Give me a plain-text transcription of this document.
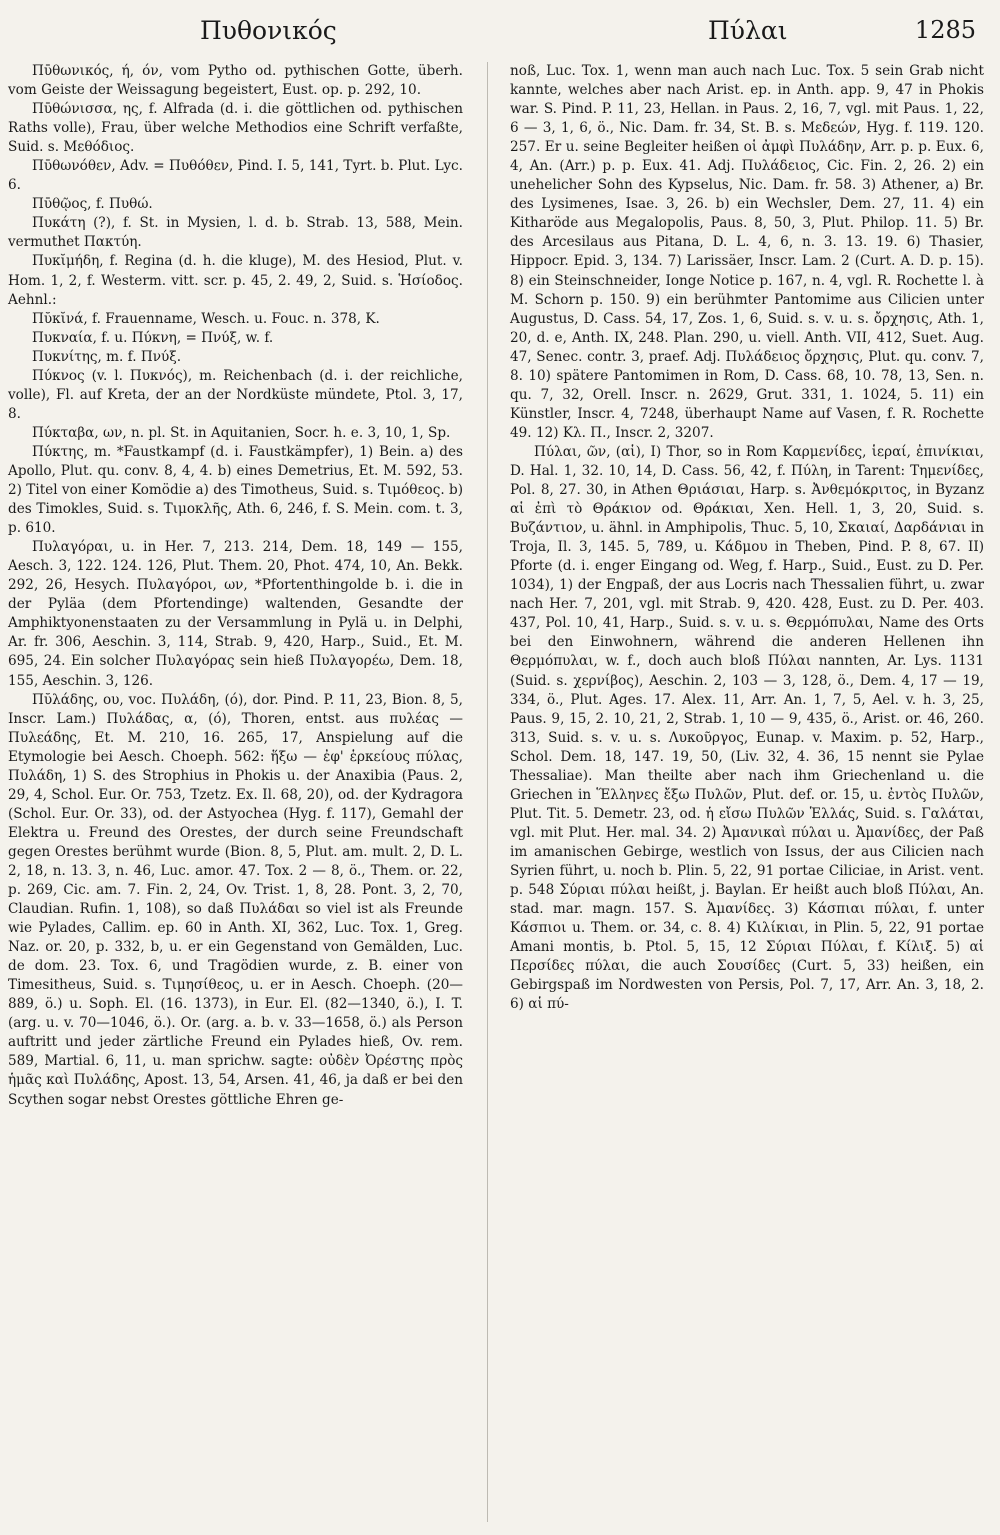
Πυθονικός	Πύλαι	1285

Πῡθωνικός, ή, όν, vom Pytho od. pythischen Gotte, überh. vom Geiste der Weissagung begeistert, Eust. op. p. 292, 10.

Πῡθώνισσα, ης, f. Alfrada (d. i. die göttlichen od. pythischen Raths volle), Frau, über welche Methodios eine Schrift verfaßte, Suid. s. Μεθόδιος.

Πῡθωνόθεν, Adv. = Πυθόθεν, Pind. I. 5, 141, Tyrt. b. Plut. Lyc. 6.

Πῡθῷος, f. Πυθώ.

Πυκάτη (?), f. St. in Mysien, l. d. b. Strab. 13, 588, Mein. vermuthet Πακτύη.

Πυκῐμήδη, f. Regina (d. h. die kluge), M. des Hesiod, Plut. v. Hom. 1, 2, f. Westerm. vitt. scr. p. 45, 2. 49, 2, Suid. s. Ἡσίοδος. Aehnl.:

Πῠκῐνά, f. Frauenname, Wesch. u. Fouc. n. 378, K.

Πυκναία, f. u. Πύκνη, = Πνύξ, w. f.

Πυκνίτης, m. f. Πνύξ.

Πύκνος (v. l. Πυκνός), m. Reichenbach (d. i. der reichliche, volle), Fl. auf Kreta, der an der Nordküste mündete, Ptol. 3, 17, 8.

Πύκταβα, ων, n. pl. St. in Aquitanien, Socr. h. e. 3, 10, 1, Sp.

Πύκτης, m. *Faustkampf (d. i. Faustkämpfer), 1) Bein. a) des Apollo, Plut. qu. conv. 8, 4, 4. b) eines Demetrius, Et. M. 592, 53. 2) Titel von einer Komödie a) des Timotheus, Suid. s. Τιμόθεος. b) des Timokles, Suid. s. Τιμοκλῆς, Ath. 6, 246, f. S. Mein. com. t. 3, p. 610.

Πυλαγόραι, u. in Her. 7, 213. 214, Dem. 18, 149 — 155, Aesch. 3, 122. 124. 126, Plut. Them. 20, Phot. 474, 10, An. Bekk. 292, 26, Hesych. Πυλαγόροι, ων, *Pfortenthingolde b. i. die in der Pyläa (dem Pfortendinge) waltenden, Gesandte der Amphiktyonenstaaten zu der Versammlung in Pylä u. in Delphi, Ar. fr. 306, Aeschin. 3, 114, Strab. 9, 420, Harp., Suid., Et. M. 695, 24. Ein solcher Πυλαγόρας sein hieß Πυλαγορέω, Dem. 18, 155, Aeschin. 3, 126.

Πῠλάδης, ου, voc. Πυλάδη, (ό), dor. Pind. P. 11, 23, Bion. 8, 5, Inscr. Lam.) Πυλάδας, α, (ό), Thoren, entst. aus πυλέας — Πυλεάδης, Et. M. 210, 16. 265, 17, Anspielung auf die Etymologie bei Aesch. Choeph. 562: ἥξω — ἐφ' ἑρκείους πύλας, Πυλάδη, 1) S. des Strophius in Phokis u. der Anaxibia (Paus. 2, 29, 4, Schol. Eur. Or. 753, Tzetz. Ex. Il. 68, 20), od. der Kydragora (Schol. Eur. Or. 33), od. der Astyochea (Hyg. f. 117), Gemahl der Elektra u. Freund des Orestes, der durch seine Freundschaft gegen Orestes berühmt wurde (Bion. 8, 5, Plut. am. mult. 2, D. L. 2, 18, n. 13. 3, n. 46, Luc. amor. 47. Tox. 2 — 8, ö., Them. or. 22, p. 269, Cic. am. 7. Fin. 2, 24, Ov. Trist. 1, 8, 28. Pont. 3, 2, 70, Claudian. Rufin. 1, 108), so daß Πυλάδαι so viel ist als Freunde wie Pylades, Callim. ep. 60 in Anth. XI, 362, Luc. Tox. 1, Greg. Naz. or. 20, p. 332, b, u. er ein Gegenstand von Gemälden, Luc. de dom. 23. Tox. 6, und Tragödien wurde, z. B. einer von Timesitheus, Suid. s. Τιμησίθεος, u. er in Aesch. Choeph. (20—889, ö.) u. Soph. El. (16. 1373), in Eur. El. (82—1340, ö.), I. T. (arg. u. v. 70—1046, ö.). Or. (arg. a. b. v. 33—1658, ö.) als Person auftritt und jeder zärtliche Freund ein Pylades hieß, Ov. rem. 589, Martial. 6, 11, u. man sprichw. sagte: οὐδὲν Ὀρέστης πρὸς ἡμᾶς καὶ Πυλάδης, Apost. 13, 54, Arsen. 41, 46, ja daß er bei den Scythen sogar nebst Orestes göttliche Ehren ge-

noß, Luc. Tox. 1, wenn man auch nach Luc. Tox. 5 sein Grab nicht kannte, welches aber nach Arist. ep. in Anth. app. 9, 47 in Phokis war. S. Pind. P. 11, 23, Hellan. in Paus. 2, 16, 7, vgl. mit Paus. 1, 22, 6 — 3, 1, 6, ö., Nic. Dam. fr. 34, St. B. s. Μεδεών, Hyg. f. 119. 120. 257. Er u. seine Begleiter heißen οἱ ἀμφὶ Πυλάδην, Arr. p. p. Eux. 6, 4, An. (Arr.) p. p. Eux. 41. Adj. Πυλάδειος, Cic. Fin. 2, 26. 2) ein unehelicher Sohn des Kypselus, Nic. Dam. fr. 58. 3) Athener, a) Br. des Lysimenes, Isae. 3, 26. b) ein Wechsler, Dem. 27, 11. 4) ein Kitharöde aus Megalopolis, Paus. 8, 50, 3, Plut. Philop. 11. 5) Br. des Arcesilaus aus Pitana, D. L. 4, 6, n. 3. 13. 19. 6) Thasier, Hippocr. Epid. 3, 134. 7) Larissäer, Inscr. Lam. 2 (Curt. A. D. p. 15). 8) ein Steinschneider, Ionge Notice p. 167, n. 4, vgl. R. Rochette l. à M. Schorn p. 150. 9) ein berühmter Pantomime aus Cilicien unter Augustus, D. Cass. 54, 17, Zos. 1, 6, Suid. s. v. u. s. ὄρχησις, Ath. 1, 20, d. e, Anth. IX, 248. Plan. 290, u. viell. Anth. VII, 412, Suet. Aug. 47, Senec. contr. 3, praef. Adj. Πυλάδειος ὄρχησις, Plut. qu. conv. 7, 8. 10) spätere Pantomimen in Rom, D. Cass. 68, 10. 78, 13, Sen. n. qu. 7, 32, Orell. Inscr. n. 2629, Grut. 331, 1. 1024, 5. 11) ein Künstler, Inscr. 4, 7248, überhaupt Name auf Vasen, f. R. Rochette 49. 12) Κλ. Π., Inscr. 2, 3207.

Πύλαι, ῶν, (αἱ), I) Thor, so in Rom Καρμενίδες, ἱεραί, ἐπινίκιαι, D. Hal. 1, 32. 10, 14, D. Cass. 56, 42, f. Πύλη, in Tarent: Τημενίδες, Pol. 8, 27. 30, in Athen Θριάσιαι, Harp. s. Ἀνθεμόκριτος, in Byzanz αἱ ἐπὶ τὸ Θράκιον od. Θράκιαι, Xen. Hell. 1, 3, 20, Suid. s. Βυζάντιον, u. ähnl. in Amphipolis, Thuc. 5, 10, Σκαιαί, Δαρδάνιαι in Troja, Il. 3, 145. 5, 789, u. Κάδμου in Theben, Pind. P. 8, 67. II) Pforte (d. i. enger Eingang od. Weg, f. Harp., Suid., Eust. zu D. Per. 1034), 1) der Engpaß, der aus Locris nach Thessalien führt, u. zwar nach Her. 7, 201, vgl. mit Strab. 9, 420. 428, Eust. zu D. Per. 403. 437, Pol. 10, 41, Harp., Suid. s. v. u. s. Θερμόπυλαι, Name des Orts bei den Einwohnern, während die anderen Hellenen ihn Θερμόπυλαι, w. f., doch auch bloß Πύλαι nannten, Ar. Lys. 1131 (Suid. s. χερνίβος), Aeschin. 2, 103 — 3, 128, ö., Dem. 4, 17 — 19, 334, ö., Plut. Ages. 17. Alex. 11, Arr. An. 1, 7, 5, Ael. v. h. 3, 25, Paus. 9, 15, 2. 10, 21, 2, Strab. 1, 10 — 9, 435, ö., Arist. or. 46, 260. 313, Suid. s. v. u. s. Λυκοῦργος, Eunap. v. Maxim. p. 52, Harp., Schol. Dem. 18, 147. 19, 50, (Liv. 32, 4. 36, 15 nennt sie Pylae Thessaliae). Man theilte aber nach ihm Griechenland u. die Griechen in Ἕλληνες ἔξω Πυλῶν, Plut. def. or. 15, u. ἐντὸς Πυλῶν, Plut. Tit. 5. Demetr. 23, od. ἡ εἴσω Πυλῶν Ἑλλάς, Suid. s. Γαλάται, vgl. mit Plut. Her. mal. 34. 2) Ἀμανικαὶ πύλαι u. Ἀμανίδες, der Paß im amanischen Gebirge, westlich von Issus, der aus Cilicien nach Syrien führt, u. noch b. Plin. 5, 22, 91 portae Ciliciae, in Arist. vent. p. 548 Σύριαι πύλαι heißt, j. Baylan. Er heißt auch bloß Πύλαι, An. stad. mar. magn. 157. S. Ἀμανίδες. 3) Κάσπιαι πύλαι, f. unter Κάσπιοι u. Them. or. 34, c. 8. 4) Κιλίκιαι, in Plin. 5, 22, 91 portae Amani montis, b. Ptol. 5, 15, 12 Σύριαι Πύλαι, f. Κίλιξ. 5) αἱ Περσίδες πύλαι, die auch Σουσίδες (Curt. 5, 33) heißen, ein Gebirgspaß im Nordwesten von Persis, Pol. 7, 17, Arr. An. 3, 18, 2. 6) αἱ πύ-
